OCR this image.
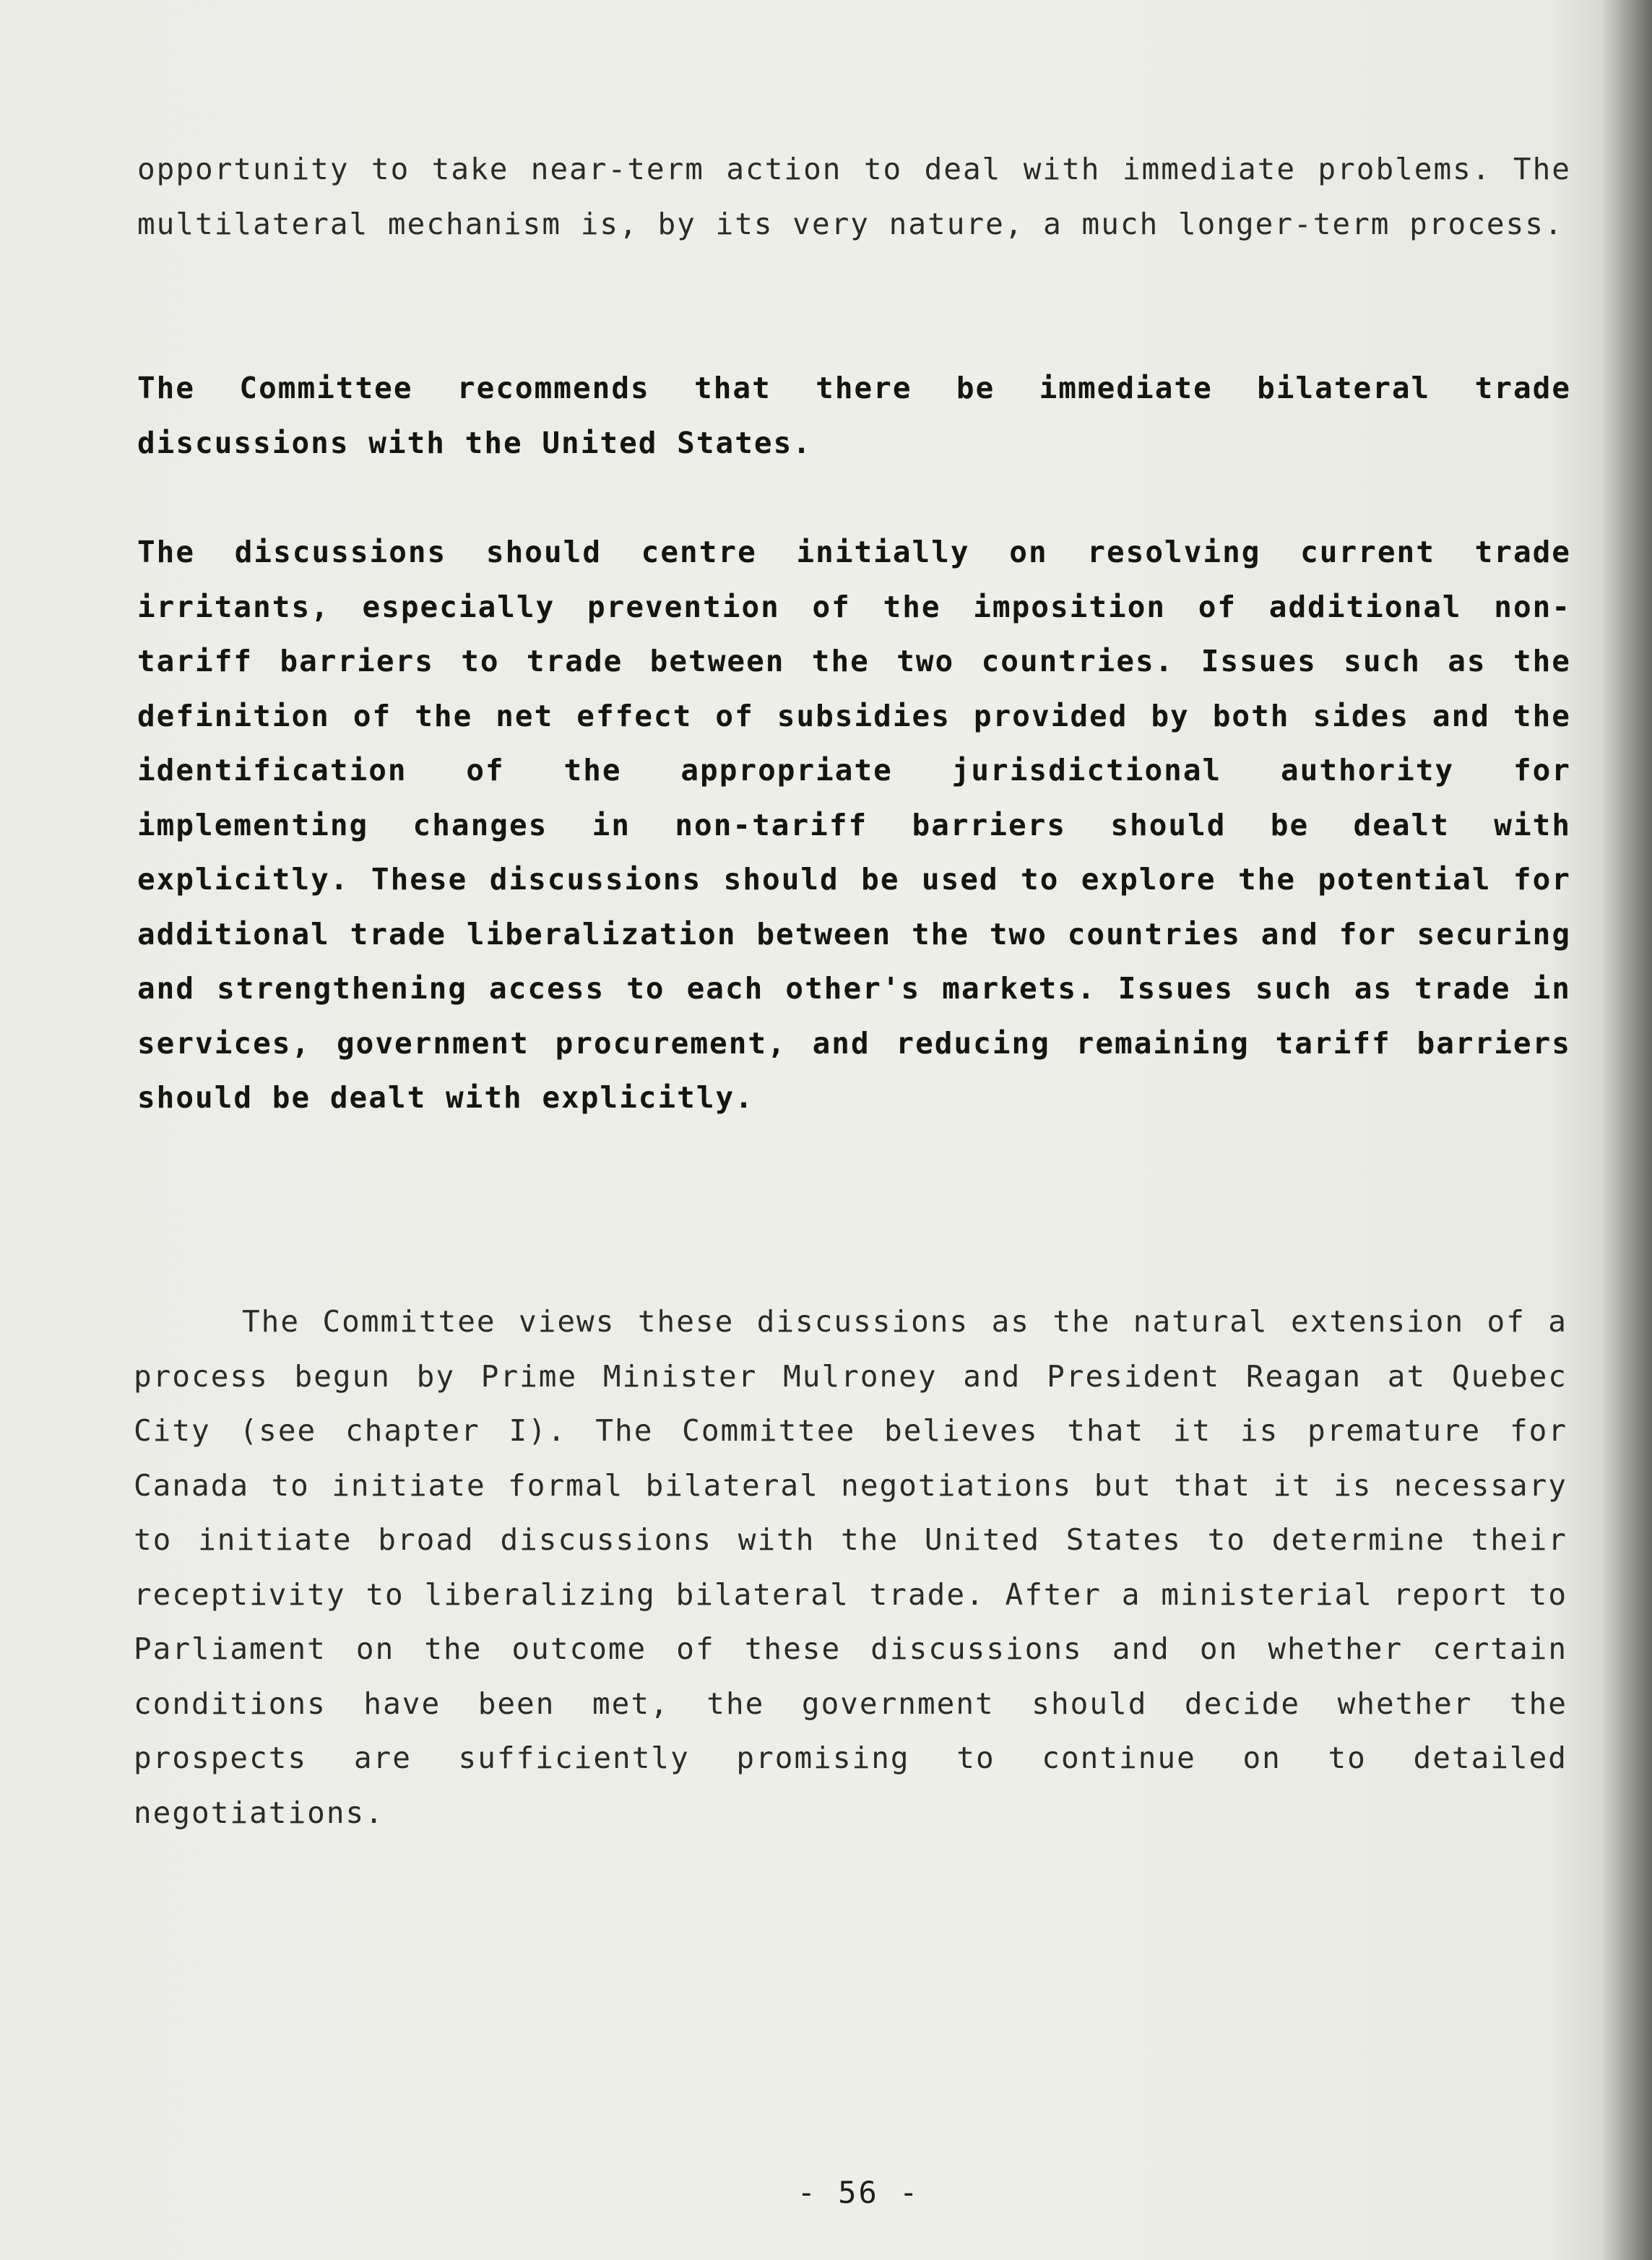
opportunity to take near-term action to deal with immediate problems. The multilateral mechanism is, by its very nature, a much longer-term process.

The Committee recommends that there be immediate bilateral trade discussions with the United States.

The discussions should centre initially on resolving current trade irritants, especially prevention of the imposition of additional non-tariff barriers to trade between the two countries. Issues such as the definition of the net effect of subsidies provided by both sides and the identification of the appropriate jurisdictional authority for implementing changes in non-tariff barriers should be dealt with explicitly. These discussions should be used to explore the potential for additional trade liberalization between the two countries and for securing and strengthening access to each other's markets. Issues such as trade in services, government procurement, and reducing remaining tariff barriers should be dealt with explicitly.

The Committee views these discussions as the natural extension of a process begun by Prime Minister Mulroney and President Reagan at Quebec City (see chapter I). The Committee believes that it is premature for Canada to initiate formal bilateral negotiations but that it is necessary to initiate broad discussions with the United States to determine their receptivity to liberalizing bilateral trade. After a ministerial report to Parliament on the outcome of these discussions and on whether certain conditions have been met, the government should decide whether the prospects are sufficiently promising to continue on to detailed negotiations.

- 56 -
